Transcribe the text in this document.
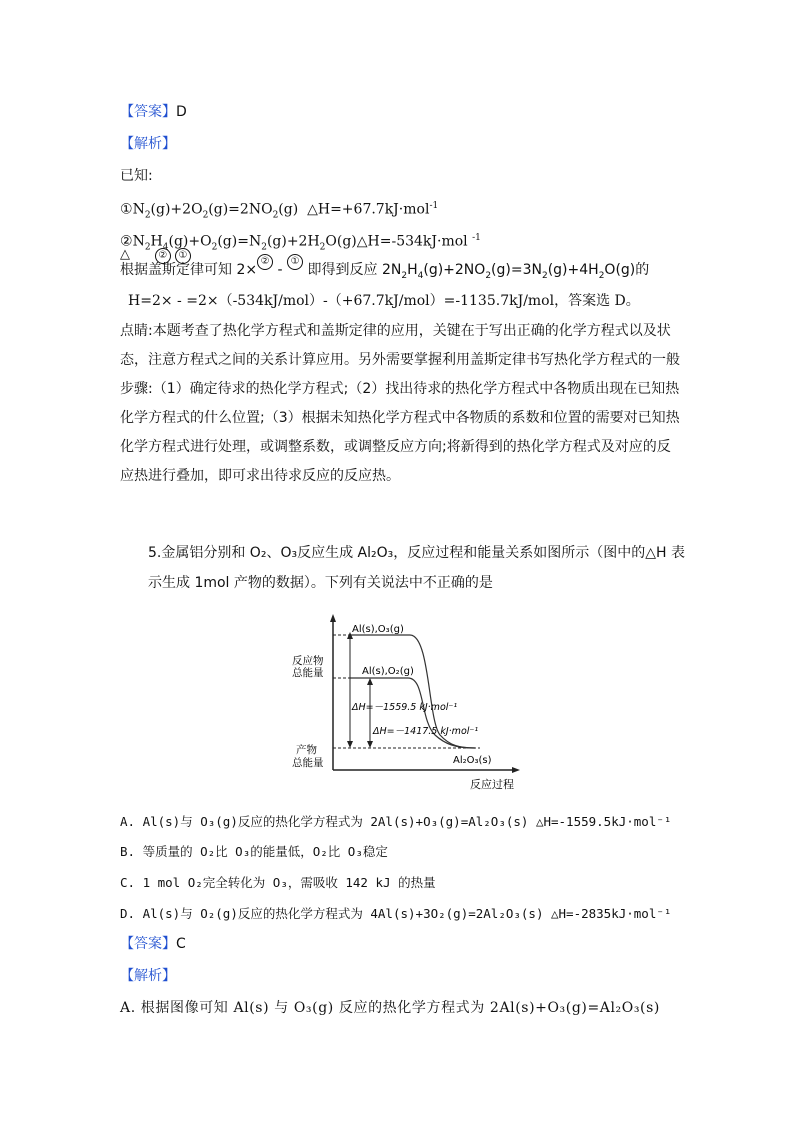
【答案】D
【解析】
已知:
$①N_2(g)+2O_2(g)=2NO_2(g)$ △H=+67.7kJ·mol$^{-1}$
$②N_2H_4(g)+O_2(g)=N_2(g)+2H_2O(g)\triangle H=-534kJ\cdot mol$ $^{-1}$
△	② ①
根据盖斯定律可知 2×② - ① 即得到反应 $2N_2H_4(g)+2NO_2(g)=3N_2(g)+4H_2O(g)$的
H=2× - =2×（-534kJ/mol）-（+67.7kJ/mol）=-1135.7kJ/mol，答案选 D。
点睛:本题考查了热化学方程式和盖斯定律的应用，关键在于写出正确的化学方程式以及状态，注意方程式之间的关系计算应用。另外需要掌握利用盖斯定律书写热化学方程式的一般步骤:（1）确定待求的热化学方程式;（2）找出待求的热化学方程式中各物质出现在已知热化学方程式的什么位置;（3）根据未知热化学方程式中各物质的系数和位置的需要对已知热化学方程式进行处理，或调整系数，或调整反应方向;将新得到的热化学方程式及对应的反应热进行叠加，即可求出待求反应的反应热。
5.金属铝分别和 O₂、O₃反应生成 Al₂O₃，反应过程和能量关系如图所示（图中的△H 表示生成 1mol 产物的数据）。下列有关说法中不正确的是
Al(s),O₃(g)
Al(s),O₂(g)
ΔH=－1559.5 kJ·mol⁻¹
ΔH=－1417.5 kJ·mol⁻¹
反应物
总能量
产物
总能量	Al₂O₃(s)
反应过程
A. Al(s)与 O₃(g)反应的热化学方程式为 2Al(s)+O₃(g)=Al₂O₃(s) △H=-1559.5kJ·mol⁻¹
B. 等质量的 O₂比 O₃的能量低，O₂比 O₃稳定
C. 1 mol O₂完全转化为 O₃，需吸收 142 kJ 的热量
D. Al(s)与 O₂(g)反应的热化学方程式为 4Al(s)+3O₂(g)=2Al₂O₃(s) △H=-2835kJ·mol⁻¹
【答案】C
【解析】
A. 根据图像可知 Al(s) 与 O₃(g) 反应的热化学方程式为 2Al(s)+O₃(g)=Al₂O₃(s)
